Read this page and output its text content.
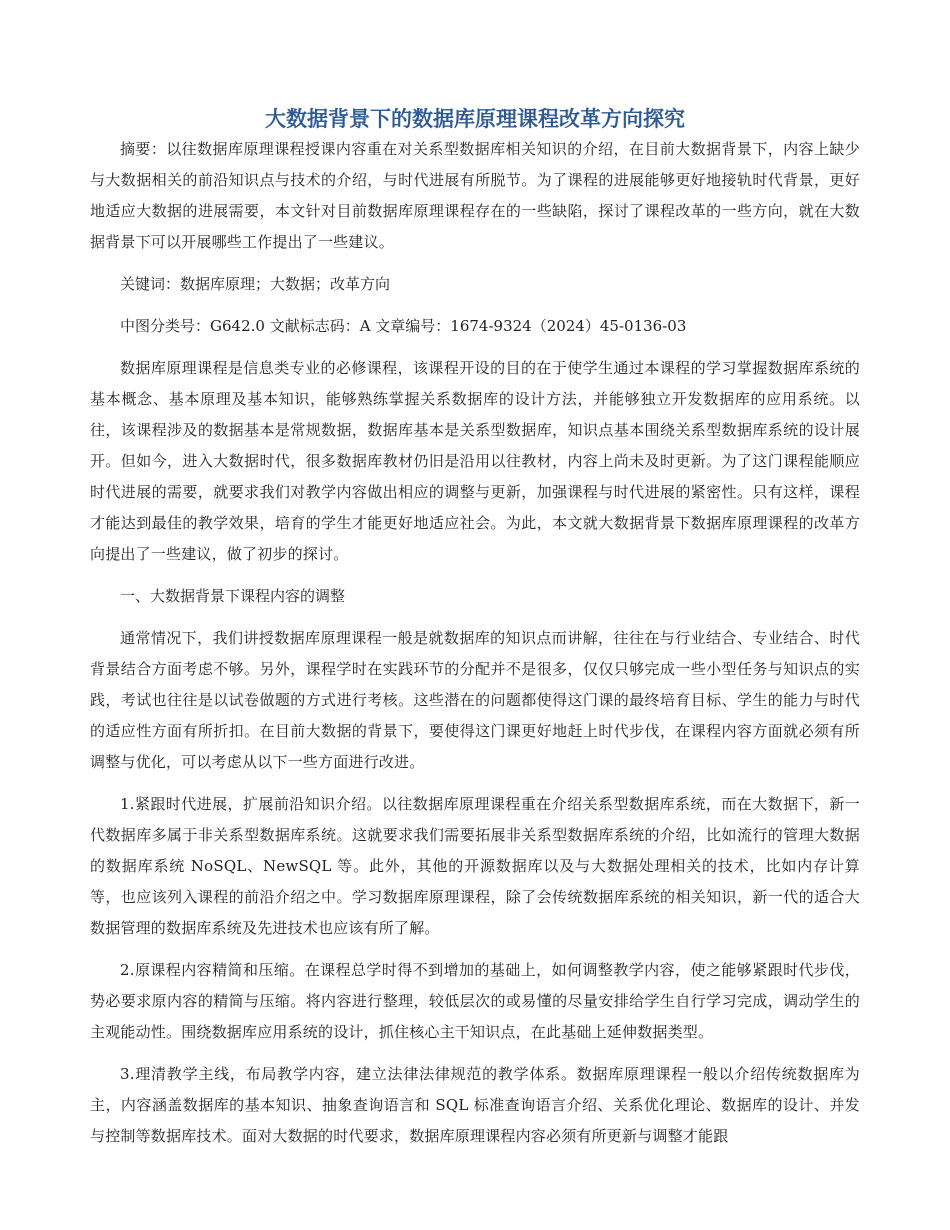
大数据背景下的数据库原理课程改革方向探究

摘要：以往数据库原理课程授课内容重在对关系型数据库相关知识的介绍，在目前大数据背景下，内容上缺少与大数据相关的前沿知识点与技术的介绍，与时代进展有所脱节。为了课程的进展能够更好地接轨时代背景，更好地适应大数据的进展需要，本文针对目前数据库原理课程存在的一些缺陷，探讨了课程改革的一些方向，就在大数据背景下可以开展哪些工作提出了一些建议。

关键词：数据库原理；大数据；改革方向

中图分类号：G642.0 文献标志码：A 文章编号：1674-9324（2024）45-0136-03

数据库原理课程是信息类专业的必修课程，该课程开设的目的在于使学生通过本课程的学习掌握数据库系统的基本概念、基本原理及基本知识，能够熟练掌握关系数据库的设计方法，并能够独立开发数据库的应用系统。以往，该课程涉及的数据基本是常规数据，数据库基本是关系型数据库，知识点基本围绕关系型数据库系统的设计展开。但如今，进入大数据时代，很多数据库教材仍旧是沿用以往教材，内容上尚未及时更新。为了这门课程能顺应时代进展的需要，就要求我们对教学内容做出相应的调整与更新，加强课程与时代进展的紧密性。只有这样，课程才能达到最佳的教学效果，培育的学生才能更好地适应社会。为此，本文就大数据背景下数据库原理课程的改革方向提出了一些建议，做了初步的探讨。

一、大数据背景下课程内容的调整

通常情况下，我们讲授数据库原理课程一般是就数据库的知识点而讲解，往往在与行业结合、专业结合、时代背景结合方面考虑不够。另外，课程学时在实践环节的分配并不是很多，仅仅只够完成一些小型任务与知识点的实践，考试也往往是以试卷做题的方式进行考核。这些潜在的问题都使得这门课的最终培育目标、学生的能力与时代的适应性方面有所折扣。在目前大数据的背景下，要使得这门课更好地赶上时代步伐，在课程内容方面就必须有所调整与优化，可以考虑从以下一些方面进行改进。

1.紧跟时代进展，扩展前沿知识介绍。以往数据库原理课程重在介绍关系型数据库系统，而在大数据下，新一代数据库多属于非关系型数据库系统。这就要求我们需要拓展非关系型数据库系统的介绍，比如流行的管理大数据的数据库系统 NoSQL、NewSQL 等。此外，其他的开源数据库以及与大数据处理相关的技术，比如内存计算等，也应该列入课程的前沿介绍之中。学习数据库原理课程，除了会传统数据库系统的相关知识，新一代的适合大数据管理的数据库系统及先进技术也应该有所了解。

2.原课程内容精简和压缩。在课程总学时得不到增加的基础上，如何调整教学内容，使之能够紧跟时代步伐，势必要求原内容的精简与压缩。将内容进行整理，较低层次的或易懂的尽量安排给学生自行学习完成，调动学生的主观能动性。围绕数据库应用系统的设计，抓住核心主干知识点，在此基础上延伸数据类型。

3.理清教学主线，布局教学内容，建立法律法律规范的教学体系。数据库原理课程一般以介绍传统数据库为主，内容涵盖数据库的基本知识、抽象查询语言和 SQL 标准查询语言介绍、关系优化理论、数据库的设计、并发与控制等数据库技术。面对大数据的时代要求，数据库原理课程内容必须有所更新与调整才能跟
